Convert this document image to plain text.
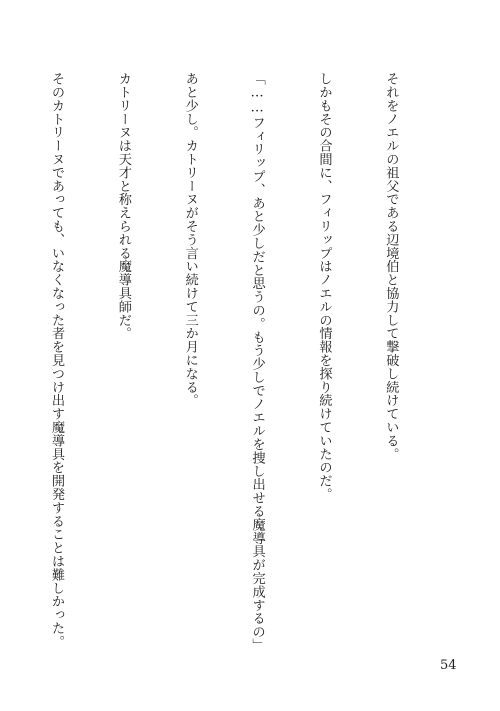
それをノエルの祖父である辺境伯と協力して撃破し続けている。

しかもその合間に、フィリップはノエルの情報を探り続けていたのだ。

「……フィリップ、あと少しだと思うの。もう少しでノエルを捜し出せる魔導具が完成するの」

あと少し。カトリーヌがそう言い続けて三か月になる。

カトリーヌは天才と称えられる魔導具師だ。

そのカトリーヌであっても、いなくなった者を見つけ出す魔導具を開発することは難しかった。

54
